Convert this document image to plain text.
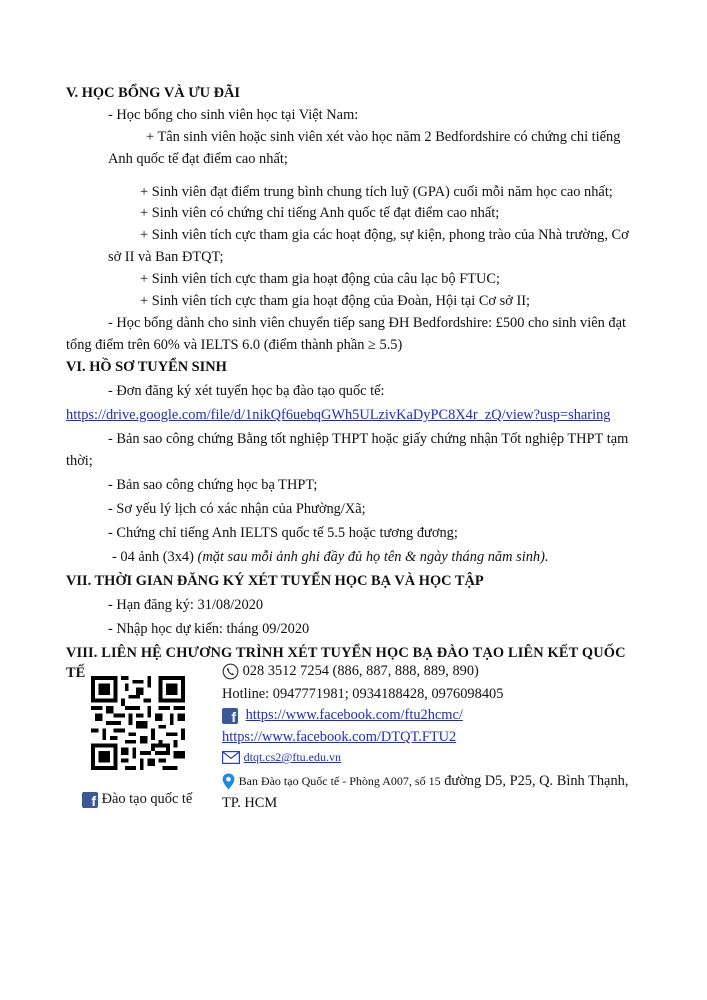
V. HỌC BỔNG VÀ ƯU ĐÃI
- Học bổng cho sinh viên học tại Việt Nam:
+ Tân sinh viên hoặc sinh viên xét vào học năm 2 Bedfordshire có chứng chỉ tiếng
Anh quốc tế đạt điểm cao nhất;
+ Sinh viên đạt điểm trung bình chung tích luỹ (GPA) cuối mỗi năm học cao nhất;
+ Sinh viên có chứng chỉ tiếng Anh quốc tế đạt điểm cao nhất;
+ Sinh viên tích cực tham gia các hoạt động, sự kiện, phong trào của Nhà trường, Cơ
sở II và Ban ĐTQT;
+ Sinh viên tích cực tham gia hoạt động của câu lạc bộ FTUC;
+ Sinh viên tích cực tham gia hoạt động của Đoàn, Hội tại Cơ sở II;
- Học bổng dành cho sinh viên chuyển tiếp sang ĐH Bedfordshire: £500 cho sinh viên đạt
tổng điểm trên 60% và IELTS 6.0 (điểm thành phần ≥ 5.5)
VI. HỒ SƠ TUYỂN SINH
- Đơn đăng ký xét tuyển học bạ đào tạo quốc tế:
https://drive.google.com/file/d/1nikQf6uebqGWh5ULzivKaDyPC8X4r_zQ/view?usp=sharing
- Bản sao công chứng Bằng tốt nghiệp THPT hoặc giấy chứng nhận Tốt nghiệp THPT tạm
thời;
- Bản sao công chứng học bạ THPT;
- Sơ yếu lý lịch có xác nhận của Phường/Xã;
- Chứng chỉ tiếng Anh IELTS quốc tế 5.5 hoặc tương đương;
- 04 ảnh (3x4) (mặt sau mỗi ảnh ghi đầy đủ họ tên & ngày tháng năm sinh).
VII. THỜI GIAN ĐĂNG KÝ XÉT TUYỂN HỌC BẠ VÀ HỌC TẬP
- Hạn đăng ký: 31/08/2020
- Nhập học dự kiến: tháng 09/2020
VIII. LIÊN HỆ CHƯƠNG TRÌNH XÉT TUYỂN HỌC BẠ ĐÀO TẠO LIÊN KẾT QUỐC
TẾ
f Đào tạo quốc tế
028 3512 7254 (886, 887, 888, 889, 890)
Hotline: 0947771981; 0934188428, 0976098405
f https://www.facebook.com/ftu2hcmc/
https://www.facebook.com/DTQT.FTU2
dtqt.cs2@ftu.edu.vn
Ban Đào tạo Quốc tế - Phòng A007, số 15 đường D5, P25, Q. Bình Thạnh,
TP. HCM
